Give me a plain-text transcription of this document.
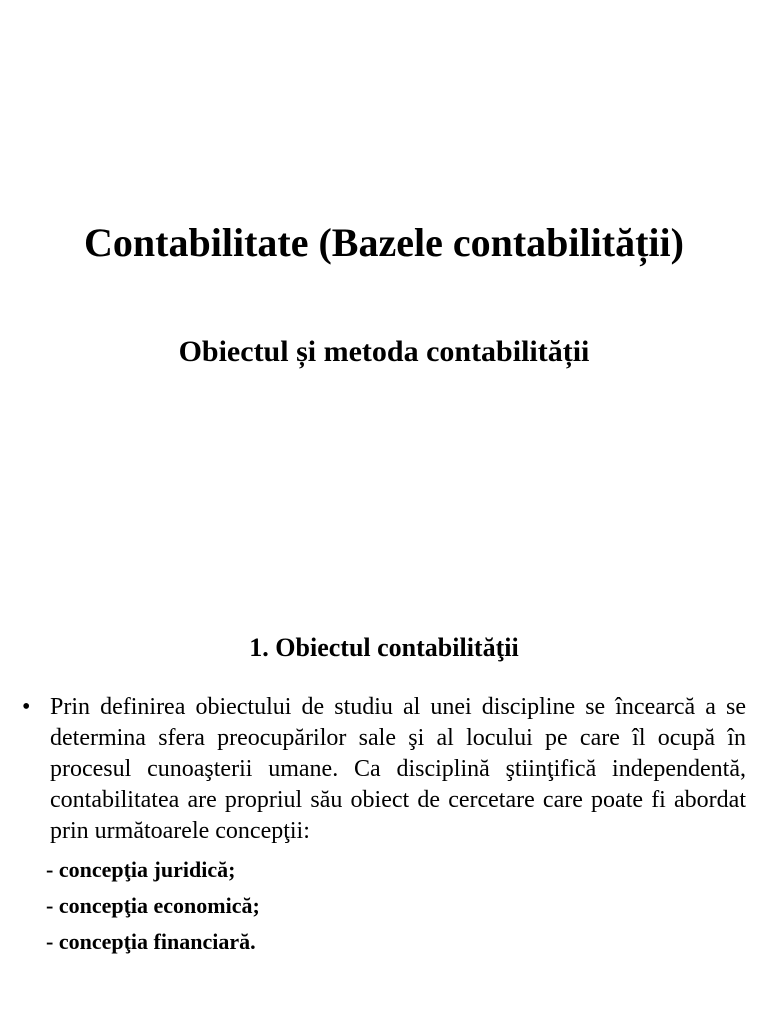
Contabilitate (Bazele contabilității)
Obiectul și metoda contabilității
1. Obiectul contabilităţii
• Prin definirea obiectului de studiu al unei discipline se încearcă a se determina sfera preocupărilor sale şi al locului pe care îl ocupă în procesul cunoaşterii umane. Ca disciplină ştiinţifică independentă, contabilitatea are propriul său obiect de cercetare care poate fi abordat prin următoarele concepţii:
- concepţia juridică;
- concepţia economică;
- concepţia financiară.
